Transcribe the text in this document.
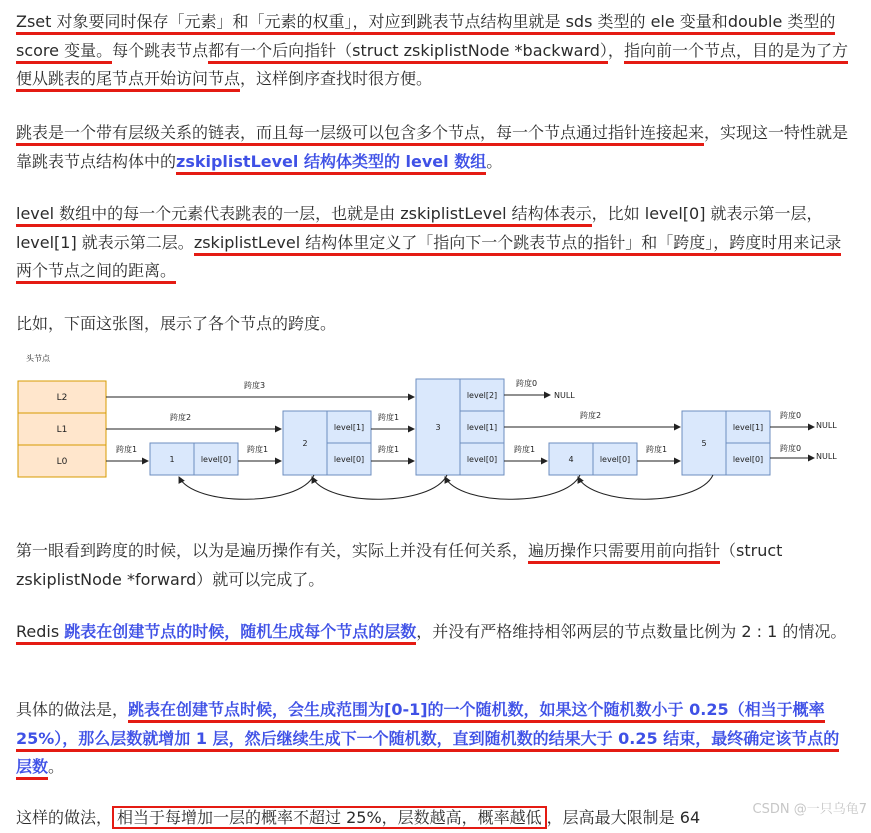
Zset 对象要同时保存「元素」和「元素的权重」，对应到跳表节点结构里就是 sds 类型的 ele 变量和double 类型的 score 变量。每个跳表节点都有一个后向指针（struct zskiplistNode *backward），指向前一个节点，目的是为了方便从跳表的尾节点开始访问节点，这样倒序查找时很方便。
跳表是一个带有层级关系的链表，而且每一层级可以包含多个节点，每一个节点通过指针连接起来，实现这一特性就是靠跳表节点结构体中的zskiplistLevel 结构体类型的 level 数组。
level 数组中的每一个元素代表跳表的一层，也就是由 zskiplistLevel 结构体表示，比如 level[0] 就表示第一层，level[1] 就表示第二层。zskiplistLevel 结构体里定义了「指向下一个跳表节点的指针」和「跨度」，跨度时用来记录两个节点之间的距离。
比如，下面这张图，展示了各个节点的跨度。
头节点
L2
L1
L0	1	level[0]
2
level[1]
level[0]
3
level[2]
level[1]
level[0]	4	level[0]
5
level[1]
level[0]
跨度3
跨度2
跨度1	跨度1
跨度1
跨度1
跨度0
跨度2
跨度1	跨度1
跨度0
跨度0
NULL
NULL
NULL
第一眼看到跨度的时候，以为是遍历操作有关，实际上并没有任何关系，遍历操作只需要用前向指针（struct zskiplistNode *forward）就可以完成了。
Redis 跳表在创建节点的时候，随机生成每个节点的层数，并没有严格维持相邻两层的节点数量比例为 2 : 1 的情况。
具体的做法是，跳表在创建节点时候，会生成范围为[0-1]的一个随机数，如果这个随机数小于 0.25（相当于概率 25%），那么层数就增加 1 层，然后继续生成下一个随机数，直到随机数的结果大于 0.25 结束，最终确定该节点的层数。
这样的做法， 相当于每增加一层的概率不超过 25%，层数越高，概率越低 ，层高最大限制是 64	CSDN @一只乌龟7
